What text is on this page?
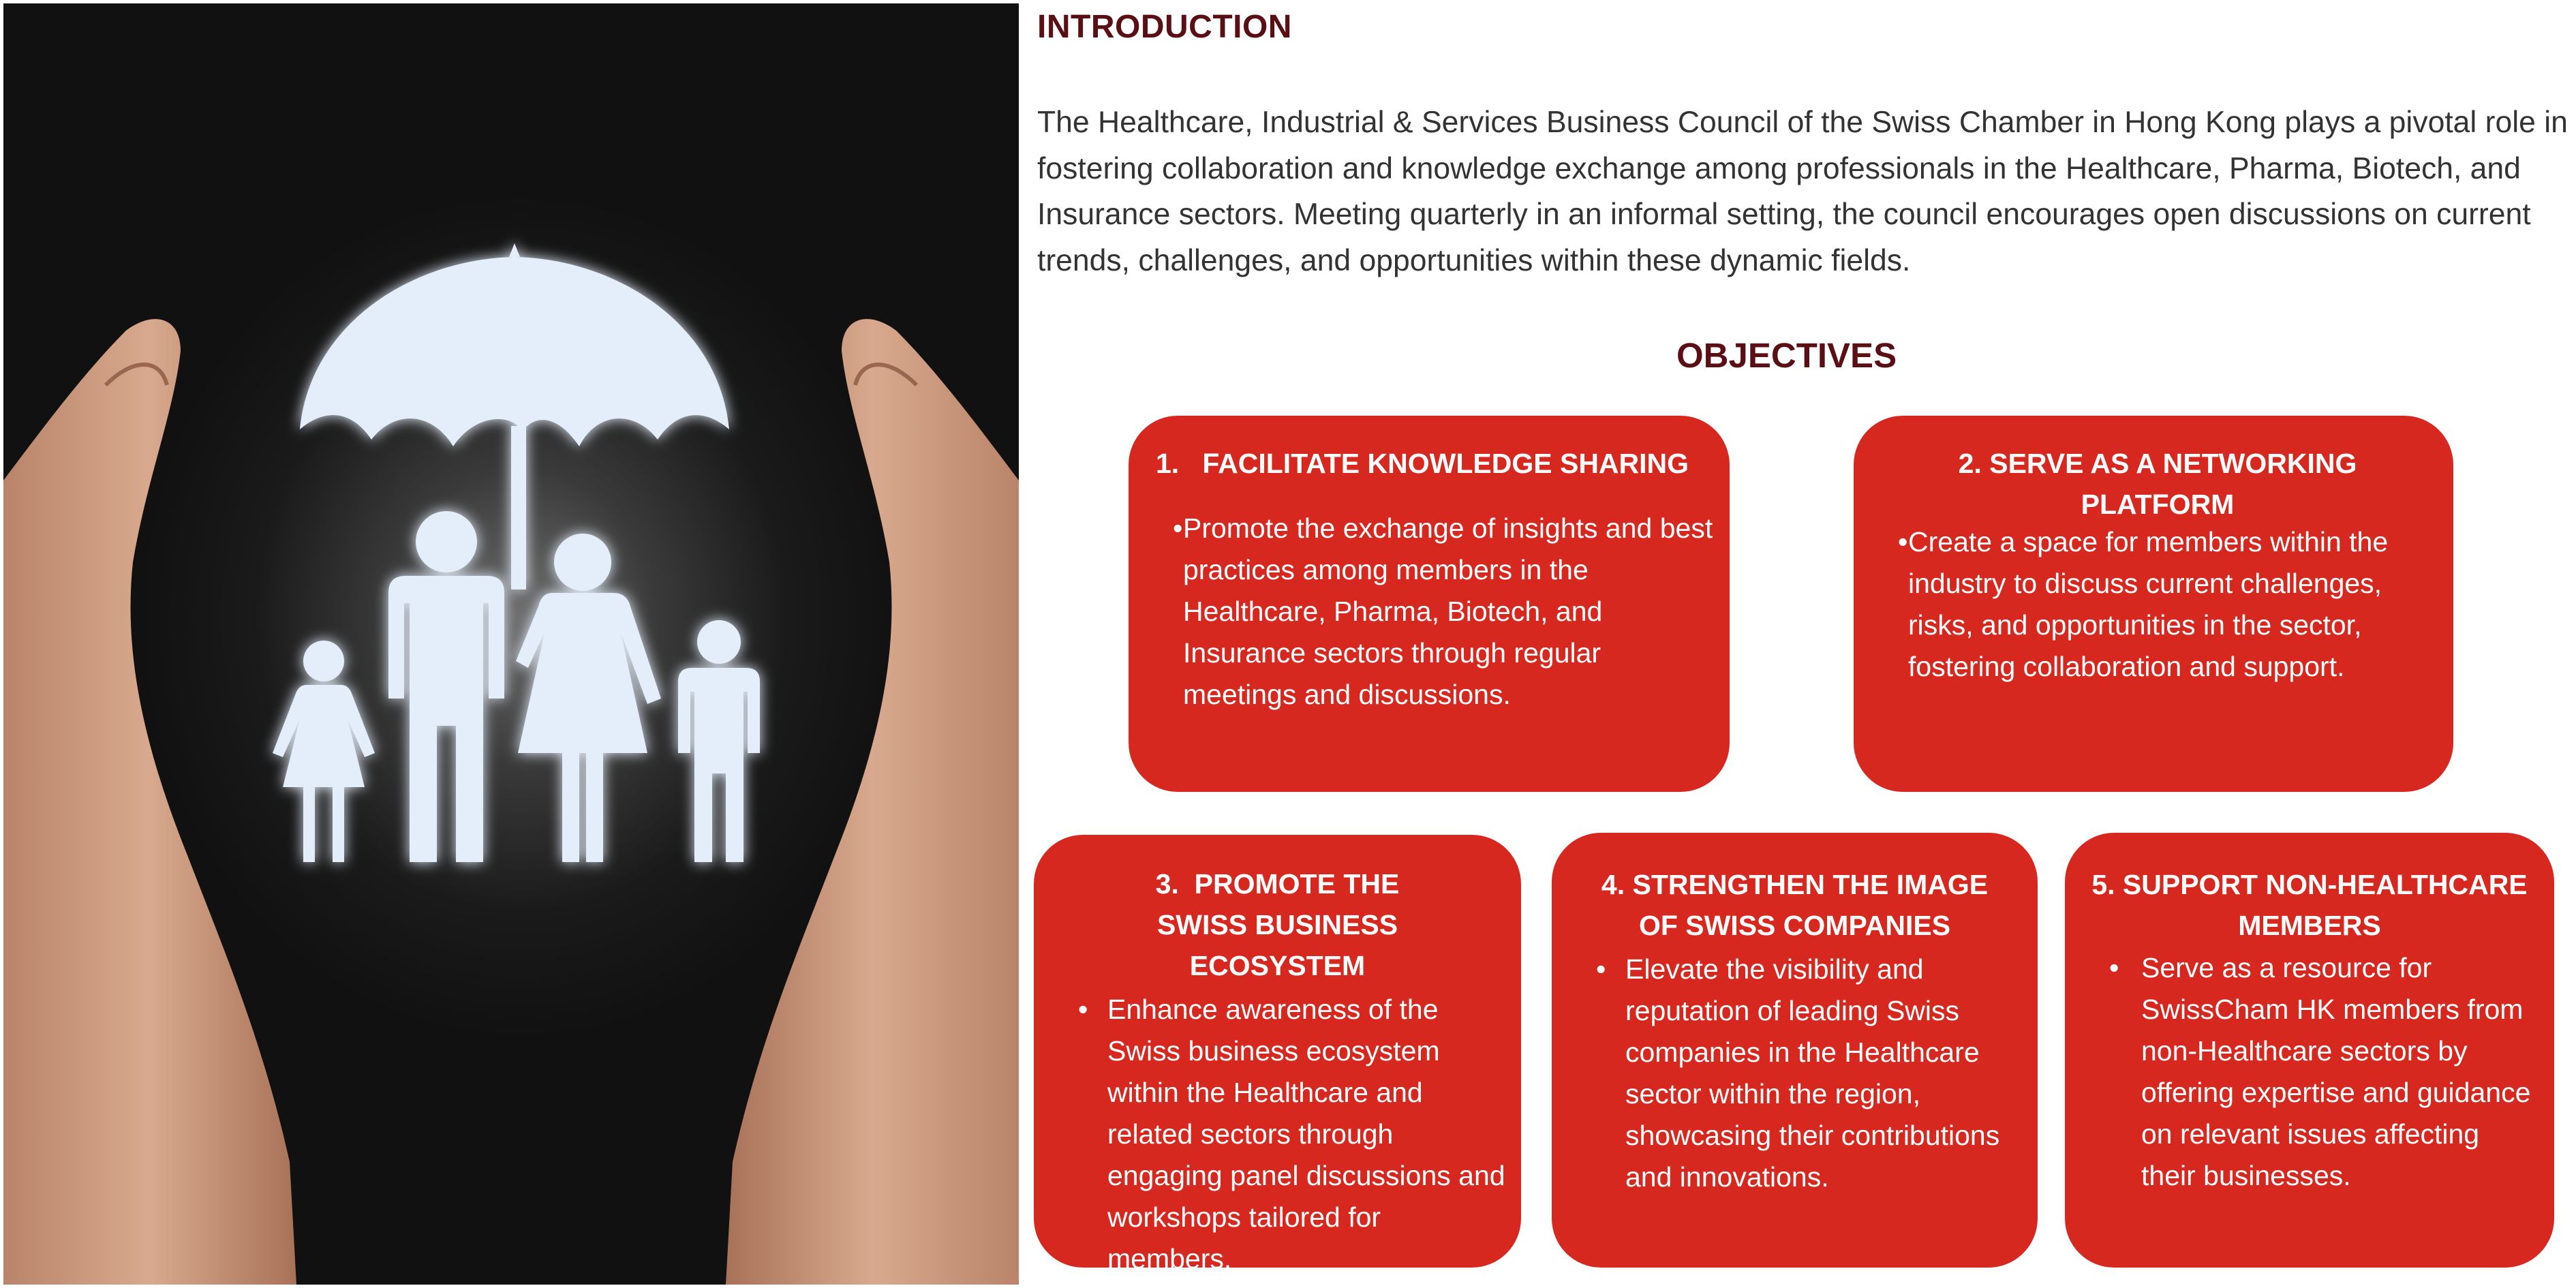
INTRODUCTION
The Healthcare, Industrial & Services Business Council of the Swiss Chamber in Hong Kong plays a pivotal role in fostering collaboration and knowledge exchange among professionals in the Healthcare, Pharma, Biotech, and Insurance sectors. Meeting quarterly in an informal setting, the council encourages open discussions on current trends, challenges, and opportunities within these dynamic fields.
OBJECTIVES
1.   FACILITATE KNOWLEDGE SHARING
• Promote the exchange of insights and best practices among members in the Healthcare, Pharma, Biotech, and Insurance sectors through regular meetings and discussions.
2. SERVE AS A NETWORKING PLATFORM
• Create a space for members within the industry to discuss current challenges, risks, and opportunities in the sector, fostering collaboration and support.
3.  PROMOTE THE SWISS BUSINESS ECOSYSTEM
• Enhance awareness of the Swiss business ecosystem within the Healthcare and related sectors through engaging panel discussions and workshops tailored for members.
4. STRENGTHEN THE IMAGE OF SWISS COMPANIES
• Elevate the visibility and reputation of leading Swiss companies in the Healthcare sector within the region, showcasing their contributions and innovations.
5. SUPPORT NON-HEALTHCARE MEMBERS
• Serve as a resource for SwissCham HK members from non-Healthcare sectors by offering expertise and guidance on relevant issues affecting their businesses.
